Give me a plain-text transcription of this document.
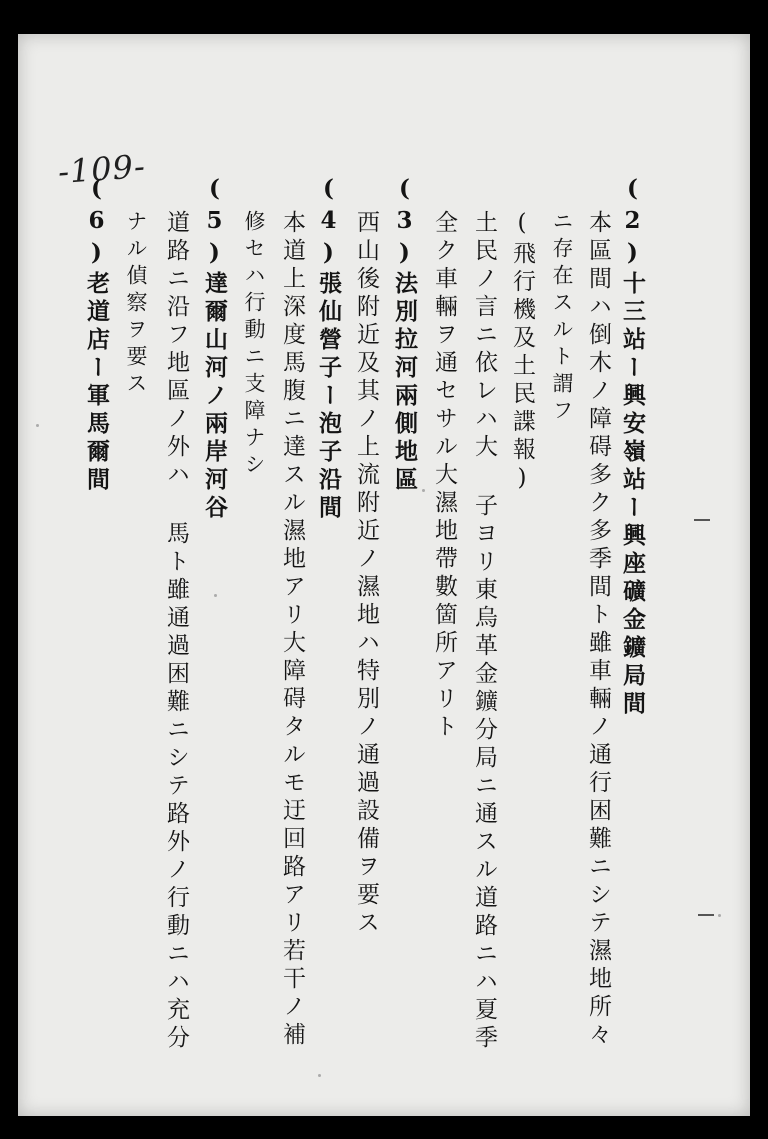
-109-
(2)十三站ー興安嶺站ー興座礦金鑛局間
本區間ハ倒木ノ障碍多ク多季間ト雖車輛ノ通行困難ニシテ濕地所々
ニ存在スルト謂フ
(飛行機及土民諜報)
土民ノ言ニ依レハ大 子ヨリ東烏革金鑛分局ニ通スル道路ニハ夏季
全ク車輛ヲ通セサル大濕地帶數箇所アリト
(3)法別拉河兩側地區
西山後附近及其ノ上流附近ノ濕地ハ特別ノ通過設備ヲ要ス
(4)張仙營子ー泡子沿間
本道上深度馬腹ニ達スル濕地アリ大障碍タルモ迂回路アリ若干ノ補
修セハ行動ニ支障ナシ
(5)達爾山河ノ兩岸河谷
道路ニ沿フ地區ノ外ハ 馬ト雖通過困難ニシテ路外ノ行動ニハ充分
ナル偵察ヲ要ス
(6)老道店ー軍馬爾間
